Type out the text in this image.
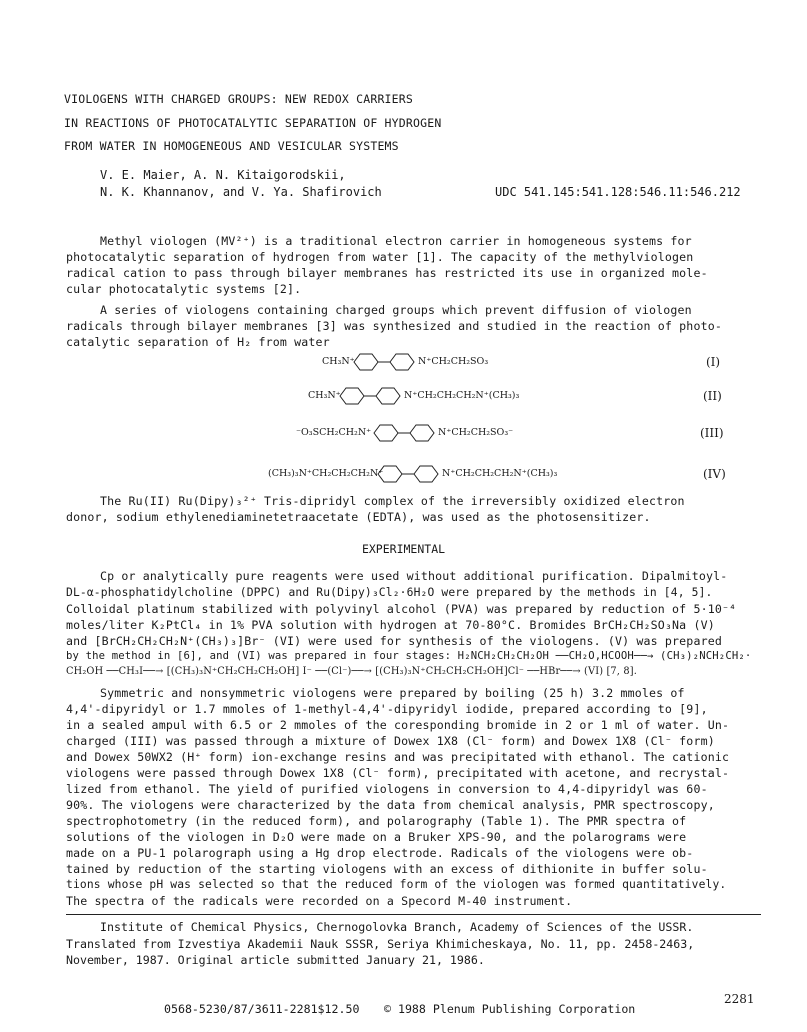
VIOLOGENS WITH CHARGED GROUPS: NEW REDOX CARRIERS
IN REACTIONS OF PHOTOCATALYTIC SEPARATION OF HYDROGEN
FROM WATER IN HOMOGENEOUS AND VESICULAR SYSTEMS
V. E. Maier, A. N. Kitaigorodskii,
N. K. Khannanov, and V. Ya. Shafirovich	UDC 541.145:541.128:546.11:546.212
Methyl viologen (MV²⁺) is a traditional electron carrier in homogeneous systems for
photocatalytic separation of hydrogen from water [1]. The capacity of the methylviologen
radical cation to pass through bilayer membranes has restricted its use in organized mole-
cular photocatalytic systems [2].
A series of viologens containing charged groups which prevent diffusion of viologen
radicals through bilayer membranes [3] was synthesized and studied in the reaction of photo-
catalytic separation of H₂ from water
CH₃N⁺	N⁺CH₂CH₂SO₃	(I)
CH₃N⁺	N⁺CH₂CH₂CH₂N⁺(CH₃)₃	(II)
⁻O₃SCH₂CH₂N⁺	N⁺CH₂CH₂SO₃⁻	(III)
(CH₃)₃N⁺CH₂CH₂CH₂N⁺	N⁺CH₂CH₂CH₂N⁺(CH₃)₃	(IV)
The Ru(II) Ru(Dipy)₃²⁺ Tris-dipridyl complex of the irreversibly oxidized electron
donor, sodium ethylenediaminetetraacetate (EDTA), was used as the photosensitizer.
EXPERIMENTAL
Cp or analytically pure reagents were used without additional purification. Dipalmitoyl-
DL-α-phosphatidylcholine (DPPC) and Ru(Dipy)₃Cl₂·6H₂O were prepared by the methods in [4, 5].
Colloidal platinum stabilized with polyvinyl alcohol (PVA) was prepared by reduction of 5·10⁻⁴
moles/liter K₂PtCl₄ in 1% PVA solution with hydrogen at 70-80°C. Bromides BrCH₂CH₂SO₃Na (V)
and [BrCH₂CH₂CH₂N⁺(CH₃)₃]Br⁻ (VI) were used for synthesis of the viologens. (V) was prepared
by the method in [6], and (VI) was prepared in four stages: H₂NCH₂CH₂CH₂OH ──CH₂O,HCOOH──→ (CH₃)₂NCH₂CH₂·
CH₂OH ──CH₃I──→ [(CH₃)₃N⁺CH₂CH₂CH₂OH] I⁻ ──(Cl⁻)──→ [(CH₃)₃N⁺CH₂CH₂CH₂OH]Cl⁻ ──HBr──→ (VI) [7, 8].
Symmetric and nonsymmetric viologens were prepared by boiling (25 h) 3.2 mmoles of
4,4'-dipyridyl or 1.7 mmoles of 1-methyl-4,4'-dipyridyl iodide, prepared according to [9],
in a sealed ampul with 6.5 or 2 mmoles of the coresponding bromide in 2 or 1 ml of water. Un-
charged (III) was passed through a mixture of Dowex 1X8 (Cl⁻ form) and Dowex 1X8 (Cl⁻ form)
and Dowex 50WX2 (H⁺ form) ion-exchange resins and was precipitated with ethanol. The cationic
viologens were passed through Dowex 1X8 (Cl⁻ form), precipitated with acetone, and recrystal-
lized from ethanol. The yield of purified viologens in conversion to 4,4-dipyridyl was 60-
90%. The viologens were characterized by the data from chemical analysis, PMR spectroscopy,
spectrophotometry (in the reduced form), and polarography (Table 1). The PMR spectra of
solutions of the viologen in D₂O were made on a Bruker XPS-90, and the polarograms were
made on a PU-1 polarograph using a Hg drop electrode. Radicals of the viologens were ob-
tained by reduction of the starting viologens with an excess of dithionite in buffer solu-
tions whose pH was selected so that the reduced form of the viologen was formed quantitatively.
The spectra of the radicals were recorded on a Specord M-40 instrument.
Institute of Chemical Physics, Chernogolovka Branch, Academy of Sciences of the USSR.
Translated from Izvestiya Akademii Nauk SSSR, Seriya Khimicheskaya, No. 11, pp. 2458-2463,
November, 1987. Original article submitted January 21, 1986.
0568-5230/87/3611-2281$12.50 © 1988 Plenum Publishing Corporation
2281
